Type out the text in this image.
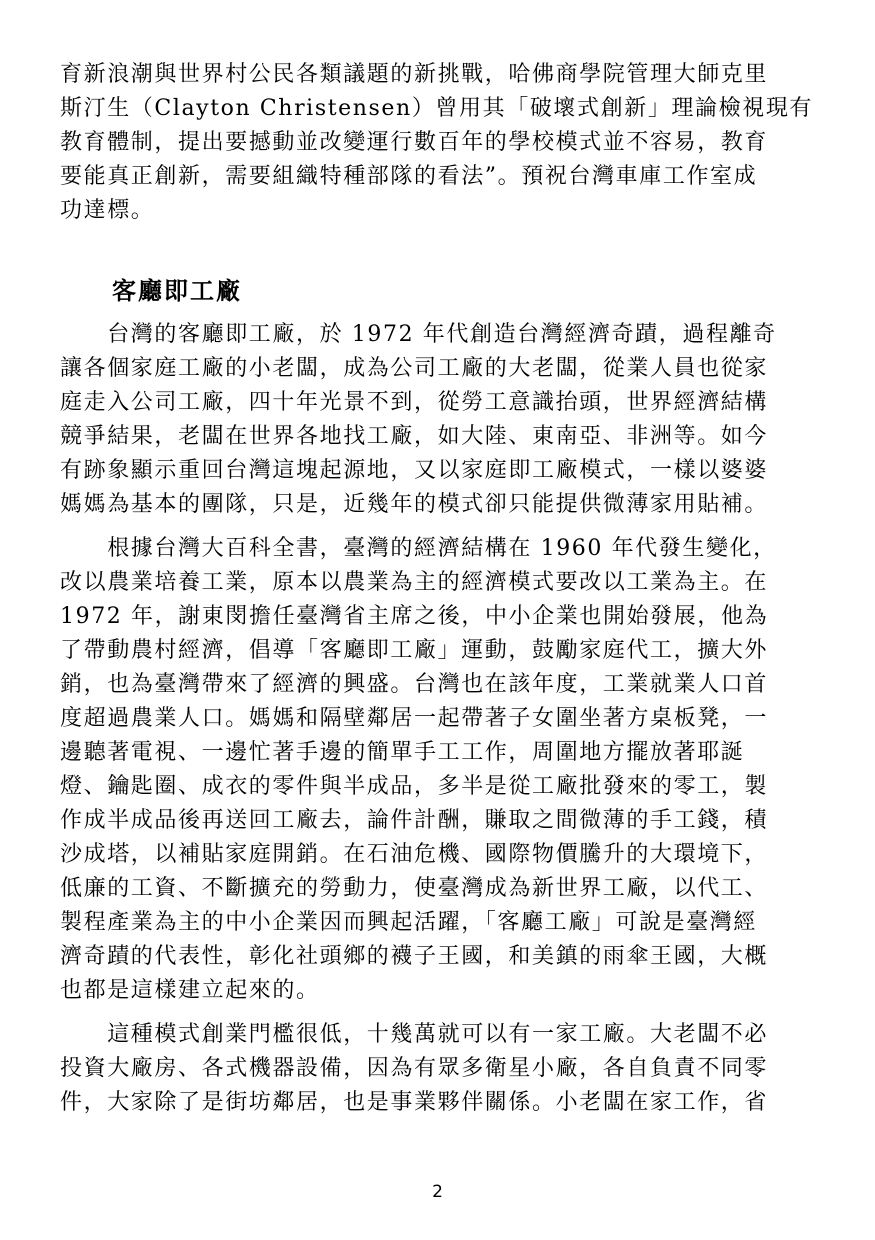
育新浪潮與世界村公民各類議題的新挑戰，哈佛商學院管理大師克里
斯汀生（Clayton Christensen）曾用其「破壞式創新」理論檢視現有
教育體制，提出要撼動並改變運行數百年的學校模式並不容易，教育
要能真正創新，需要組織特種部隊的看法”。預祝台灣車庫工作室成
功達標。
客廳即工廠
　　台灣的客廳即工廠，於 1972 年代創造台灣經濟奇蹟，過程離奇
讓各個家庭工廠的小老闆，成為公司工廠的大老闆，從業人員也從家
庭走入公司工廠，四十年光景不到，從勞工意識抬頭，世界經濟結構
競爭結果，老闆在世界各地找工廠，如大陸、東南亞、非洲等。如今
有跡象顯示重回台灣這塊起源地，又以家庭即工廠模式，一樣以婆婆
媽媽為基本的團隊，只是，近幾年的模式卻只能提供微薄家用貼補。
　　根據台灣大百科全書，臺灣的經濟結構在 1960 年代發生變化，
改以農業培養工業，原本以農業為主的經濟模式要改以工業為主。在
1972 年，謝東閔擔任臺灣省主席之後，中小企業也開始發展，他為
了帶動農村經濟，倡導「客廳即工廠」運動，鼓勵家庭代工，擴大外
銷，也為臺灣帶來了經濟的興盛。台灣也在該年度，工業就業人口首
度超過農業人口。媽媽和隔壁鄰居一起帶著子女圍坐著方桌板凳，一
邊聽著電視、一邊忙著手邊的簡單手工工作，周圍地方擺放著耶誕
燈、鑰匙圈、成衣的零件與半成品，多半是從工廠批發來的零工，製
作成半成品後再送回工廠去，論件計酬，賺取之間微薄的手工錢，積
沙成塔，以補貼家庭開銷。在石油危機、國際物價騰升的大環境下，
低廉的工資、不斷擴充的勞動力，使臺灣成為新世界工廠，以代工、
製程產業為主的中小企業因而興起活躍，「客廳工廠」可說是臺灣經
濟奇蹟的代表性，彰化社頭鄉的襪子王國，和美鎮的雨傘王國，大概
也都是這樣建立起來的。
　　這種模式創業門檻很低，十幾萬就可以有一家工廠。大老闆不必
投資大廠房、各式機器設備，因為有眾多衛星小廠，各自負責不同零
件，大家除了是街坊鄰居，也是事業夥伴關係。小老闆在家工作，省
2
